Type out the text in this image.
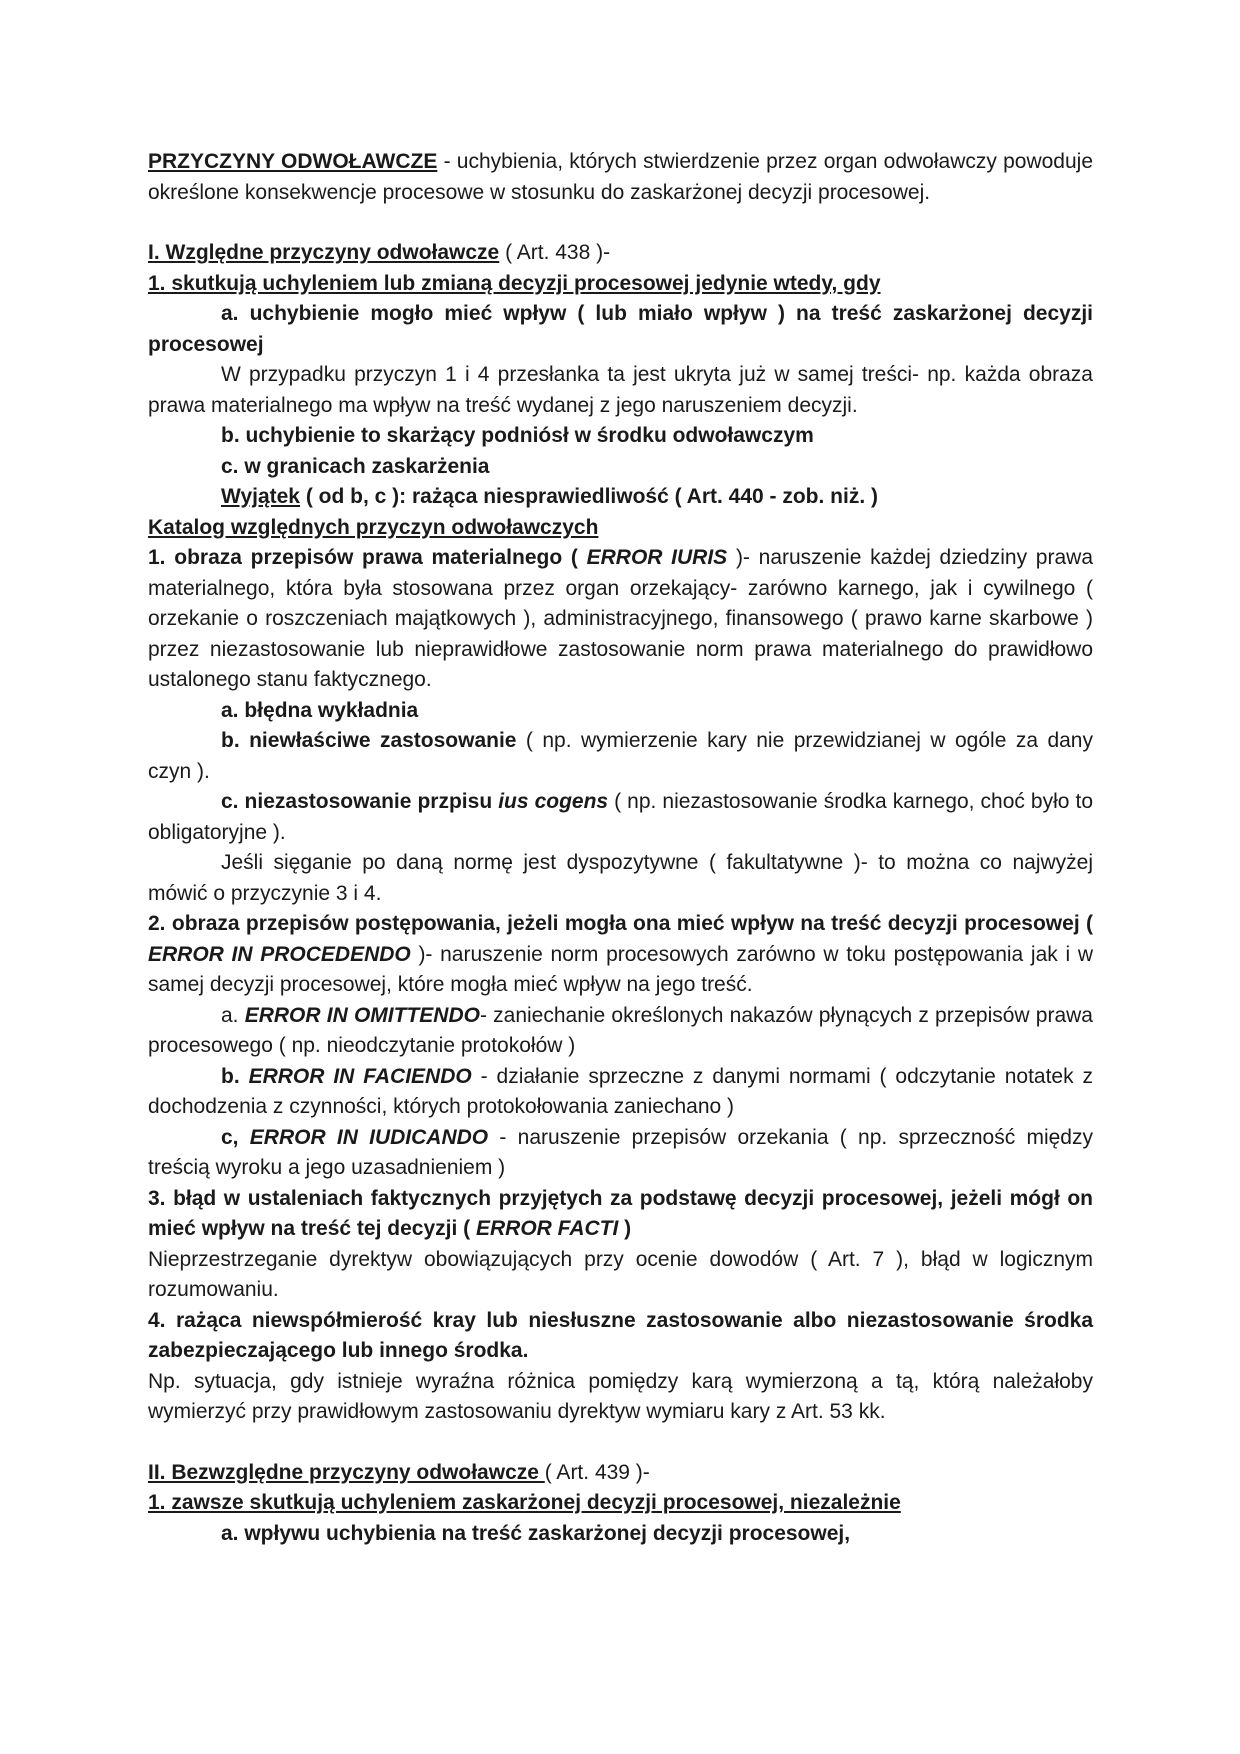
PRZYCZYNY ODWOŁAWCZE - uchybienia, których stwierdzenie przez organ odwoławczy powoduje określone konsekwencje procesowe w stosunku do zaskarżonej decyzji procesowej.

I. Względne przyczyny odwoławcze ( Art. 438 )-

1. skutkują uchyleniem lub zmianą decyzji procesowej jedynie wtedy, gdy

a. uchybienie mogło mieć wpływ ( lub miało wpływ ) na treść zaskarżonej decyzji procesowej

W przypadku przyczyn 1 i 4 przesłanka ta jest ukryta już w samej treści- np. każda obraza prawa materialnego ma wpływ na treść wydanej z jego naruszeniem decyzji.

b. uchybienie to skarżący podniósł w środku odwoławczym

c. w granicach zaskarżenia

Wyjątek ( od b, c ): rażąca niesprawiedliwość ( Art. 440 - zob. niż. )

Katalog względnych przyczyn odwoławczych

1. obraza przepisów prawa materialnego ( ERROR IURIS )- naruszenie każdej dziedziny prawa materialnego, która była stosowana przez organ orzekający- zarówno karnego, jak i cywilnego ( orzekanie o roszczeniach majątkowych ), administracyjnego, finansowego ( prawo karne skarbowe ) przez niezastosowanie lub nieprawidłowe zastosowanie norm prawa materialnego do prawidłowo ustalonego stanu faktycznego.

a. błędna wykładnia

b. niewłaściwe zastosowanie ( np. wymierzenie kary nie przewidzianej w ogóle za dany czyn ).

c. niezastosowanie przpisu ius cogens ( np. niezastosowanie środka karnego, choć było to obligatoryjne ).

Jeśli sięganie po daną normę jest dyspozytywne ( fakultatywne )- to można co najwyżej mówić o przyczynie 3 i 4.

2. obraza przepisów postępowania, jeżeli mogła ona mieć wpływ na treść decyzji procesowej ( ERROR IN PROCEDENDO )- naruszenie norm procesowych zarówno w toku postępowania jak i w samej decyzji procesowej, które mogła mieć wpływ na jego treść.

a. ERROR IN OMITTENDO- zaniechanie określonych nakazów płynących z przepisów prawa procesowego ( np. nieodczytanie protokołów )

b. ERROR IN FACIENDO - działanie sprzeczne z danymi normami ( odczytanie notatek z dochodzenia z czynności, których protokołowania zaniechano )

c, ERROR IN IUDICANDO - naruszenie przepisów orzekania ( np. sprzeczność między treścią wyroku a jego uzasadnieniem )

3. błąd w ustaleniach faktycznych przyjętych za podstawę decyzji procesowej, jeżeli mógł on mieć wpływ na treść tej decyzji ( ERROR FACTI )

Nieprzestrzeganie dyrektyw obowiązujących przy ocenie dowodów ( Art. 7 ), błąd w logicznym rozumowaniu.

4. rażąca niewspółmierość kray lub niesłuszne zastosowanie albo niezastosowanie środka zabezpieczającego lub innego środka.

Np. sytuacja, gdy istnieje wyraźna różnica pomiędzy karą wymierzoną a tą, którą należałoby wymierzyć przy prawidłowym zastosowaniu dyrektyw wymiaru kary z Art. 53 kk.

II. Bezwzględne przyczyny odwoławcze ( Art. 439 )-

1. zawsze skutkują uchyleniem zaskarżonej decyzji procesowej, niezależnie

a. wpływu uchybienia na treść zaskarżonej decyzji procesowej,
